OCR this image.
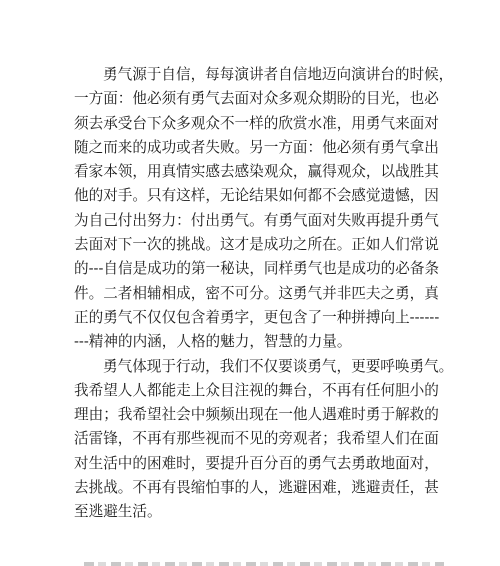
勇气源于自信，每每演讲者自信地迈向演讲台的时候，
一方面：他必须有勇气去面对众多观众期盼的目光，也必
须去承受台下众多观众不一样的欣赏水准，用勇气来面对
随之而来的成功或者失败。另一方面：他必须有勇气拿出
看家本领，用真情实感去感染观众，赢得观众，以战胜其
他的对手。只有这样，无论结果如何都不会感觉遗憾，因
为自己付出努力：付出勇气。有勇气面对失败再提升勇气
去面对下一次的挑战。这才是成功之所在。正如人们常说
的---自信是成功的第一秘诀，同样勇气也是成功的必备条
件。二者相辅相成，密不可分。这勇气并非匹夫之勇，真
正的勇气不仅仅包含着勇字，更包含了一种拼搏向上------
---精神的内涵，人格的魅力，智慧的力量。
勇气体现于行动，我们不仅要谈勇气，更要呼唤勇气。
我希望人人都能走上众目注视的舞台，不再有任何胆小的
理由；我希望社会中频频出现在一他人遇难时勇于解救的
活雷锋，不再有那些视而不见的旁观者；我希望人们在面
对生活中的困难时，要提升百分百的勇气去勇敢地面对，
去挑战。不再有畏缩怕事的人，逃避困难，逃避责任，甚
至逃避生活。
